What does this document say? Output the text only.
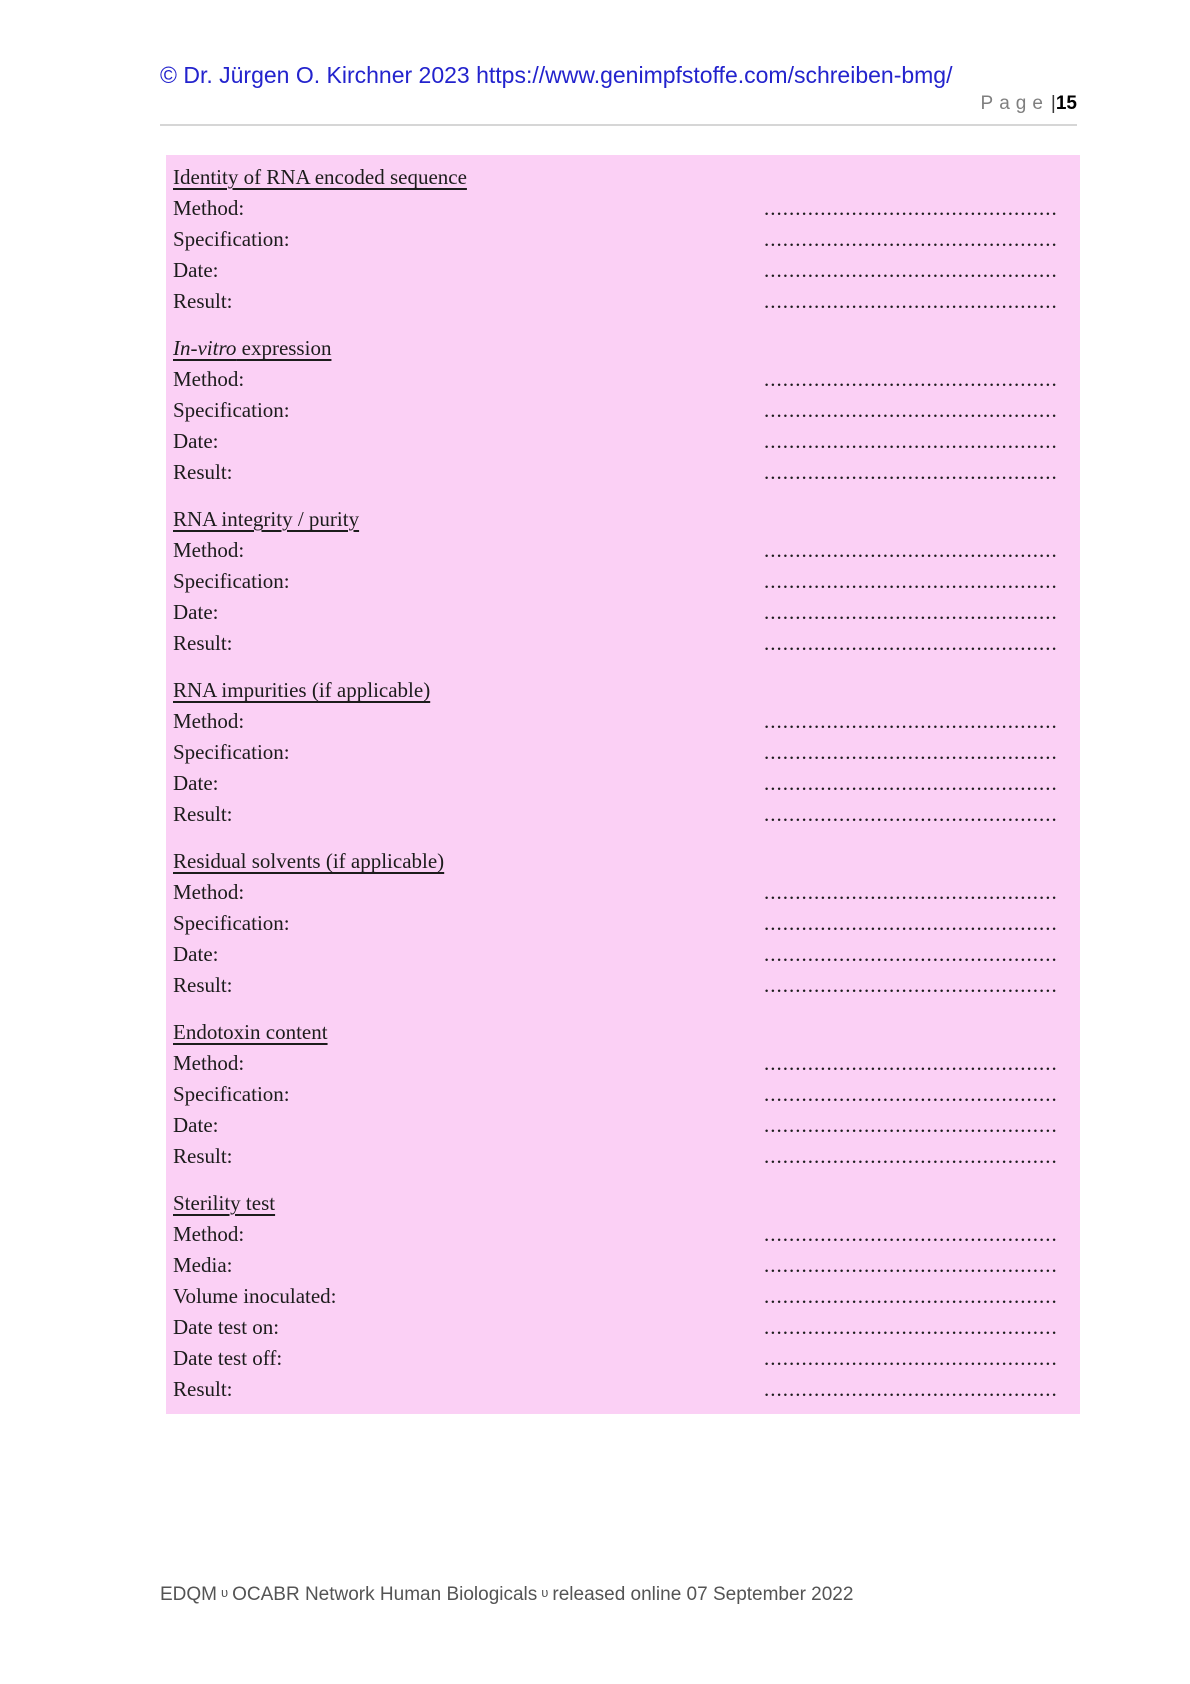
© Dr. Jürgen O. Kirchner 2023 https://www.genimpfstoffe.com/schreiben-bmg/
Page |15
Identity of RNA encoded sequence
Method:	...............................................
Specification:	...............................................
Date:	...............................................
Result:	...............................................
In-vitro expression
Method:	...............................................
Specification:	...............................................
Date:	...............................................
Result:	...............................................
RNA integrity / purity
Method:	...............................................
Specification:	...............................................
Date:	...............................................
Result:	...............................................
RNA impurities (if applicable)
Method:	...............................................
Specification:	...............................................
Date:	...............................................
Result:	...............................................
Residual solvents (if applicable)
Method:	...............................................
Specification:	...............................................
Date:	...............................................
Result:	...............................................
Endotoxin content
Method:	...............................................
Specification:	...............................................
Date:	...............................................
Result:	...............................................
Sterility test
Method:	...............................................
Media:	...............................................
Volume inoculated:	...............................................
Date test on:	...............................................
Date test off:	...............................................
Result:	...............................................
EDQM υ OCABR Network Human Biologicals υ released online 07 September 2022
